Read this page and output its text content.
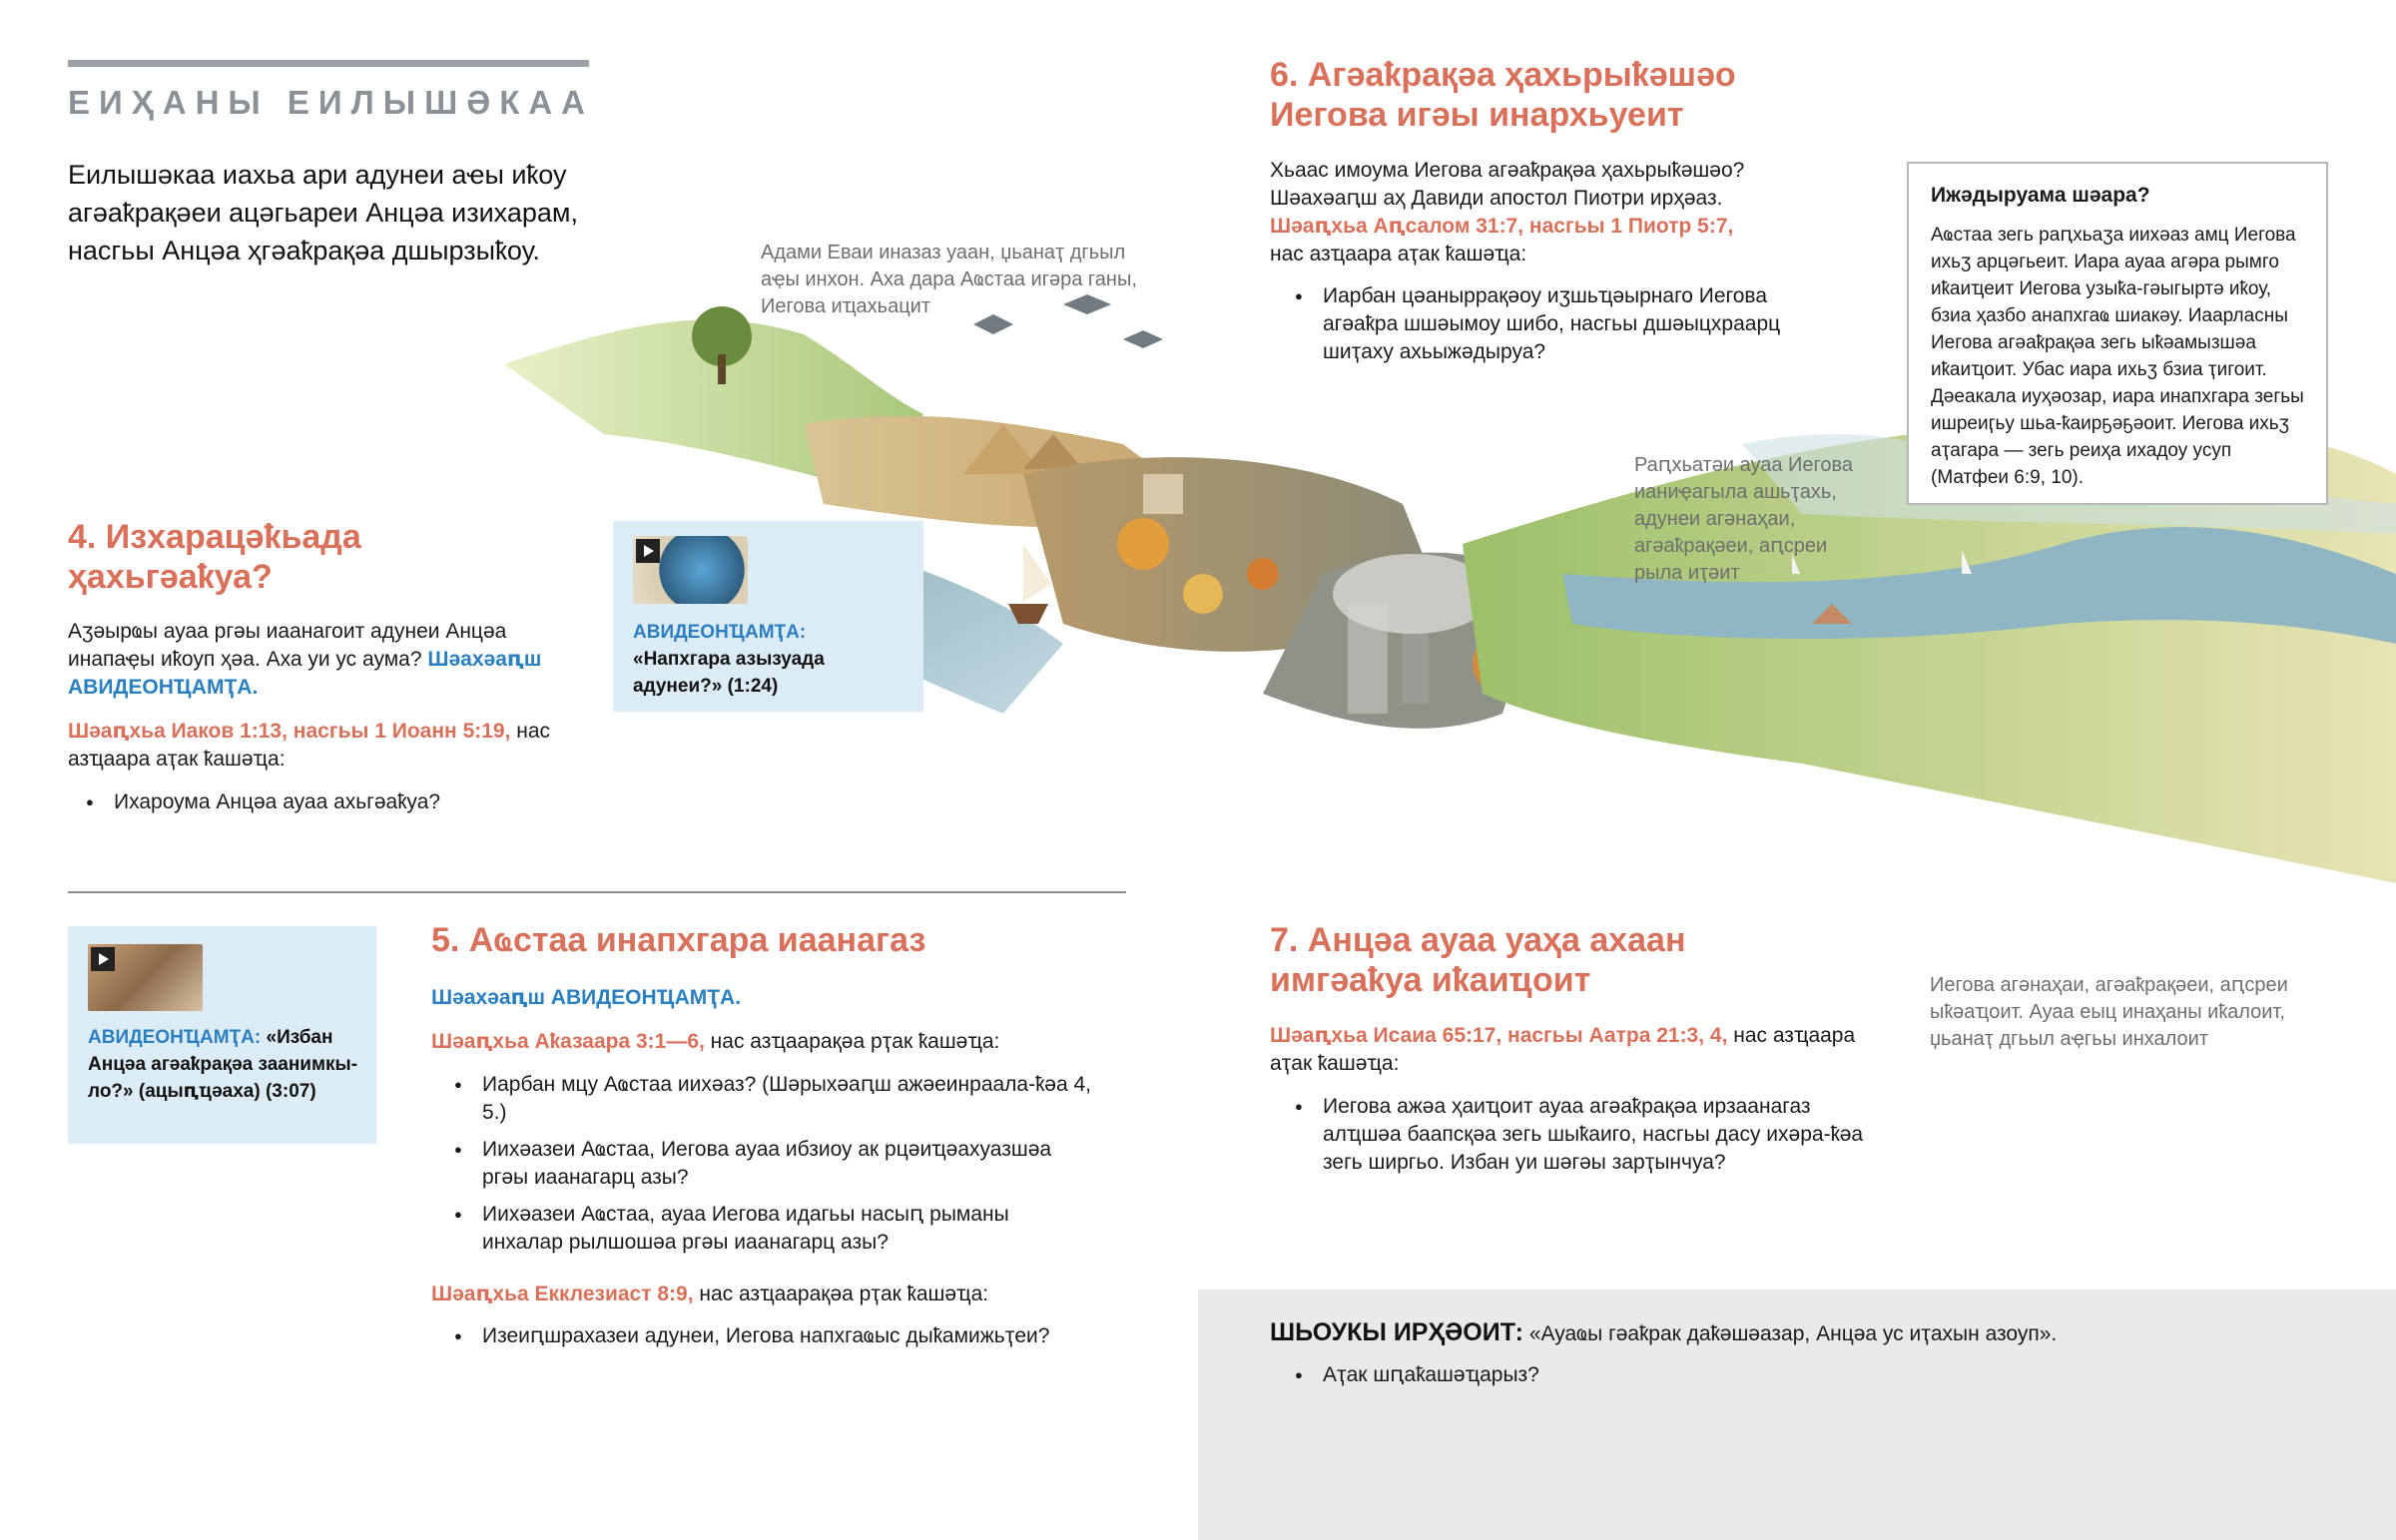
ЕИҲАНЫ ЕИЛЫШӘКАА
Еилышәкаа иахьа ари адунеи аҽы иҟоу агәаҟрақәеи ацәгьареи Анцәа изихарам, насгьы Анцәа ҳгәаҟрақәа дшырзыҟоу.	Адами Еваи иназаз уаан, џьанаҭ дгьыл аҿы инхон. Аха дара Аҩстаа игәра ганы, Иегова иҵахьацит
Раԥхьатәи ауаа Иегова ианиҿагыла ашьҭахь, адунеи агәнаҳаи, агәаҟрақәеи, аԥсреи рыла иҭәит
Иегова агәнаҳаи, агәаҟрақәеи, аԥсреи ыҟәаҵоит. Ауаа еыц инаҳаны иҟалоит, џьанаҭ дгьыл аҿгьы инхалоит
4. Изхарацәҟьада ҳахьгәаҟуа?
Аӡәырҩы ауаа ргәы иаанагоит адунеи Анцәа инапаҿы иҟоуп ҳәа. Аха уи ус аума? Шәахәаԥш АВИДЕОНҴАМҬА.
Шәаԥхьа Иаков 1:13, насгьы 1 Иоанн 5:19, нас азҵаара аҭак ҟашәҵа:
● Ихароума Анцәа ауаа ахьгәаҟуа?
АВИДЕОНҴАМҬА: «Напхгара азызуада адунеи?» (1:24)
АВИДЕОНҴАМҬА: «Избан Анцәа агәаҟрақәа заанимкы-ло?» (ацыԥҵәаха) (3:07)
5. Аҩстаа инапхгара иаанагаз
Шәахәаԥш АВИДЕОНҴАМҬА.
Шәаԥхьа Аҟазаара 3:1—6, нас азҵаарақәа рҭак ҟашәҵа:
● Иарбан мцу Аҩстаа иихәаз? (Шәрыхәаԥш ажәеинраала-ҟәа 4, 5.)
● Иихәазеи Аҩстаа, Иегова ауаа ибзиоу ак рцәиҵәахуазшәа ргәы иаанагарц азы?
● Иихәазеи Аҩстаа, ауаа Иегова идагьы насыԥ рыманы инхалар рылшошәа ргәы иаанагарц азы?
Шәаԥхьа Екклезиаст 8:9, нас азҵаарақәа рҭак ҟашәҵа:
● Изеиԥшрахазеи адунеи, Иегова напхгаҩыс дыҟамижьҭеи?
6. Агәаҟрақәа ҳахьрыҟәшәо Иегова игәы инархьуеит
Хьаас имоума Иегова агәаҟрақәа ҳахьрыҟәшәо? Шәахәаԥш аҳ Давиди апостол Пиотри ирҳәаз.
Шәаԥхьа Аԥсалом 31:7, насгьы 1 Пиотр 5:7,
нас азҵаара аҭак ҟашәҵа:
● Иарбан цәаныррақәоу иӡшьҵәырнаго Иегова агәаҟра шшәымоу шибо, насгьы дшәыцхраарц шиҭаху ахьыжәдыруа?
Ижәдыруама шәара?
Аҩстаа зегь раԥхьаӡа иихәаз амц Иегова ихьӡ арцәгьеит. Иара ауаа агәра рымго иҟаиҵеит Иегова узыҟа-гәыгыртә иҟоу, бзиа ҳазбо анапхгаҩ шиакәу. Иаарласны Иегова агәаҟрақәа зегь ыҟәамызшәа иҟаиҵоит. Убас иара ихьӡ бзиа ҭигоит. Дәеакала иуҳәозар, иара инапхгара зегьы ишреиӷьу шьа-ҟаирҕәҕәоит. Иегова ихьӡ аҭагара — зегь реиҳа ихадоу усуп (Матфеи 6:9, 10).
7. Анцәа ауаа уаҳа ахаан имгәаҟуа иҟаиҵоит
Шәаԥхьа Исаиа 65:17, насгьы Аатра 21:3, 4, нас азҵаара аҭак ҟашәҵа:
● Иегова ажәа ҳаиҵоит ауаа агәаҟрақәа ирзаанагаз алҵшәа баапсқәа зегь шыҟаиго, насгьы дасу ихәра-ҟәа зегь ширгьо. Избан уи шәгәы зарҭынчуа?
ШЬОУКЫ ИРҲӘОИТ: «Ауаҩы гәаҟрак даҟәшәазар, Анцәа ус иҭахын азоуп».
● Аҭак шԥаҟашәҵарыз?
